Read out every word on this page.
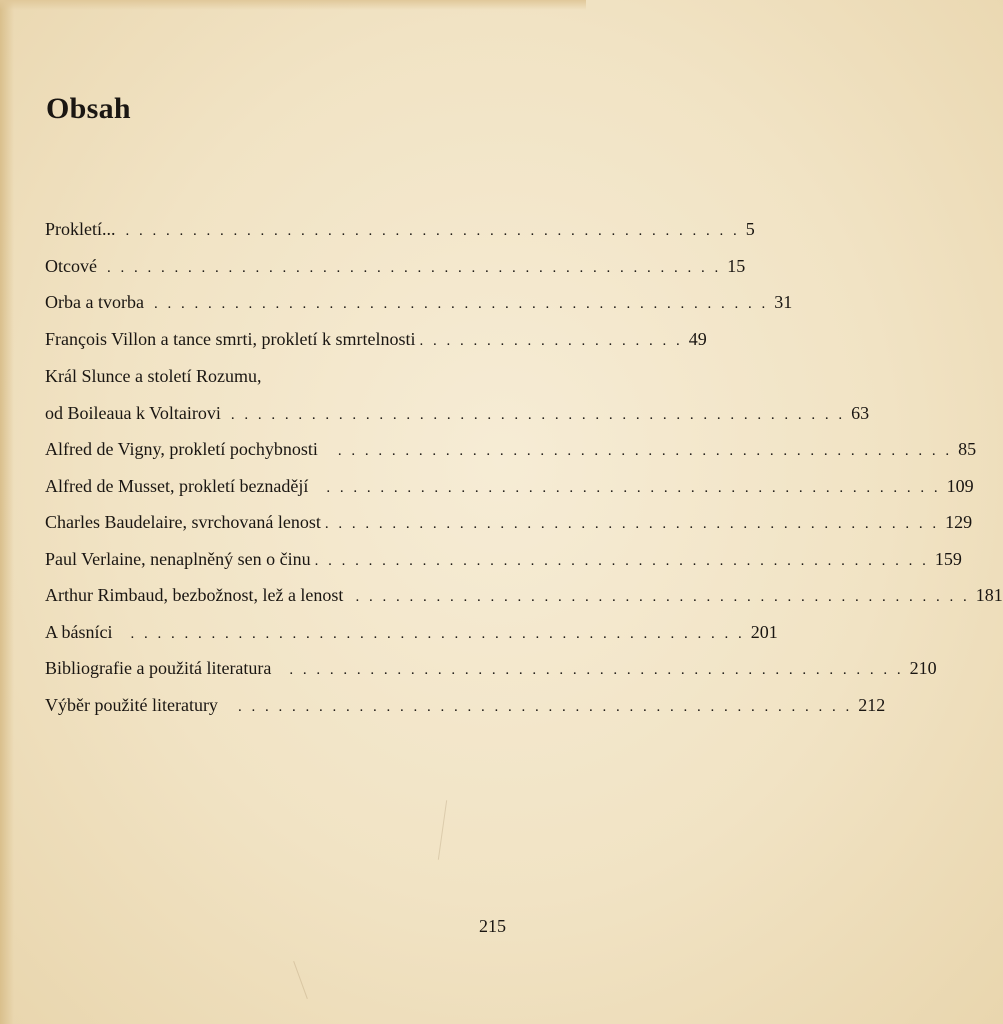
Obsah
Prokletí... . . . . . . . . . . . . . . . . . . . . . . . . . . . . . . . . . . . . . . . . . . . . . . 5
Otcové . . . . . . . . . . . . . . . . . . . . . . . . . . . . . . . . . . . . . . . . . . . . . . 15
Orba a tvorba . . . . . . . . . . . . . . . . . . . . . . . . . . . . . . . . . . . . . . . . . . . . . . 31
François Villon a tance smrti, prokletí k smrtelnosti . . . . . . . . . . . . . . . . . . . . 49
Král Slunce a století Rozumu,
od Boileaua k Voltairovi . . . . . . . . . . . . . . . . . . . . . . . . . . . . . . . . . . . . . . . . . . . . . . 63
Alfred de Vigny, prokletí pochybnosti . . . . . . . . . . . . . . . . . . . . . . . . . . . . . . . . . . . . . . . . . . . . . . 85
Alfred de Musset, prokletí beznadějí . . . . . . . . . . . . . . . . . . . . . . . . . . . . . . . . . . . . . . . . . . . . . . 109
Charles Baudelaire, svrchovaná lenost . . . . . . . . . . . . . . . . . . . . . . . . . . . . . . . . . . . . . . . . . . . . . . 129
Paul Verlaine, nenaplněný sen o činu . . . . . . . . . . . . . . . . . . . . . . . . . . . . . . . . . . . . . . . . . . . . . . 159
Arthur Rimbaud, bezbožnost, lež a lenost . . . . . . . . . . . . . . . . . . . . . . . . . . . . . . . . . . . . . . . . . . . . . . 181
A básníci . . . . . . . . . . . . . . . . . . . . . . . . . . . . . . . . . . . . . . . . . . . . . . 201
Bibliografie a použitá literatura . . . . . . . . . . . . . . . . . . . . . . . . . . . . . . . . . . . . . . . . . . . . . . 210
Výběr použité literatury . . . . . . . . . . . . . . . . . . . . . . . . . . . . . . . . . . . . . . . . . . . . . . 212
215
